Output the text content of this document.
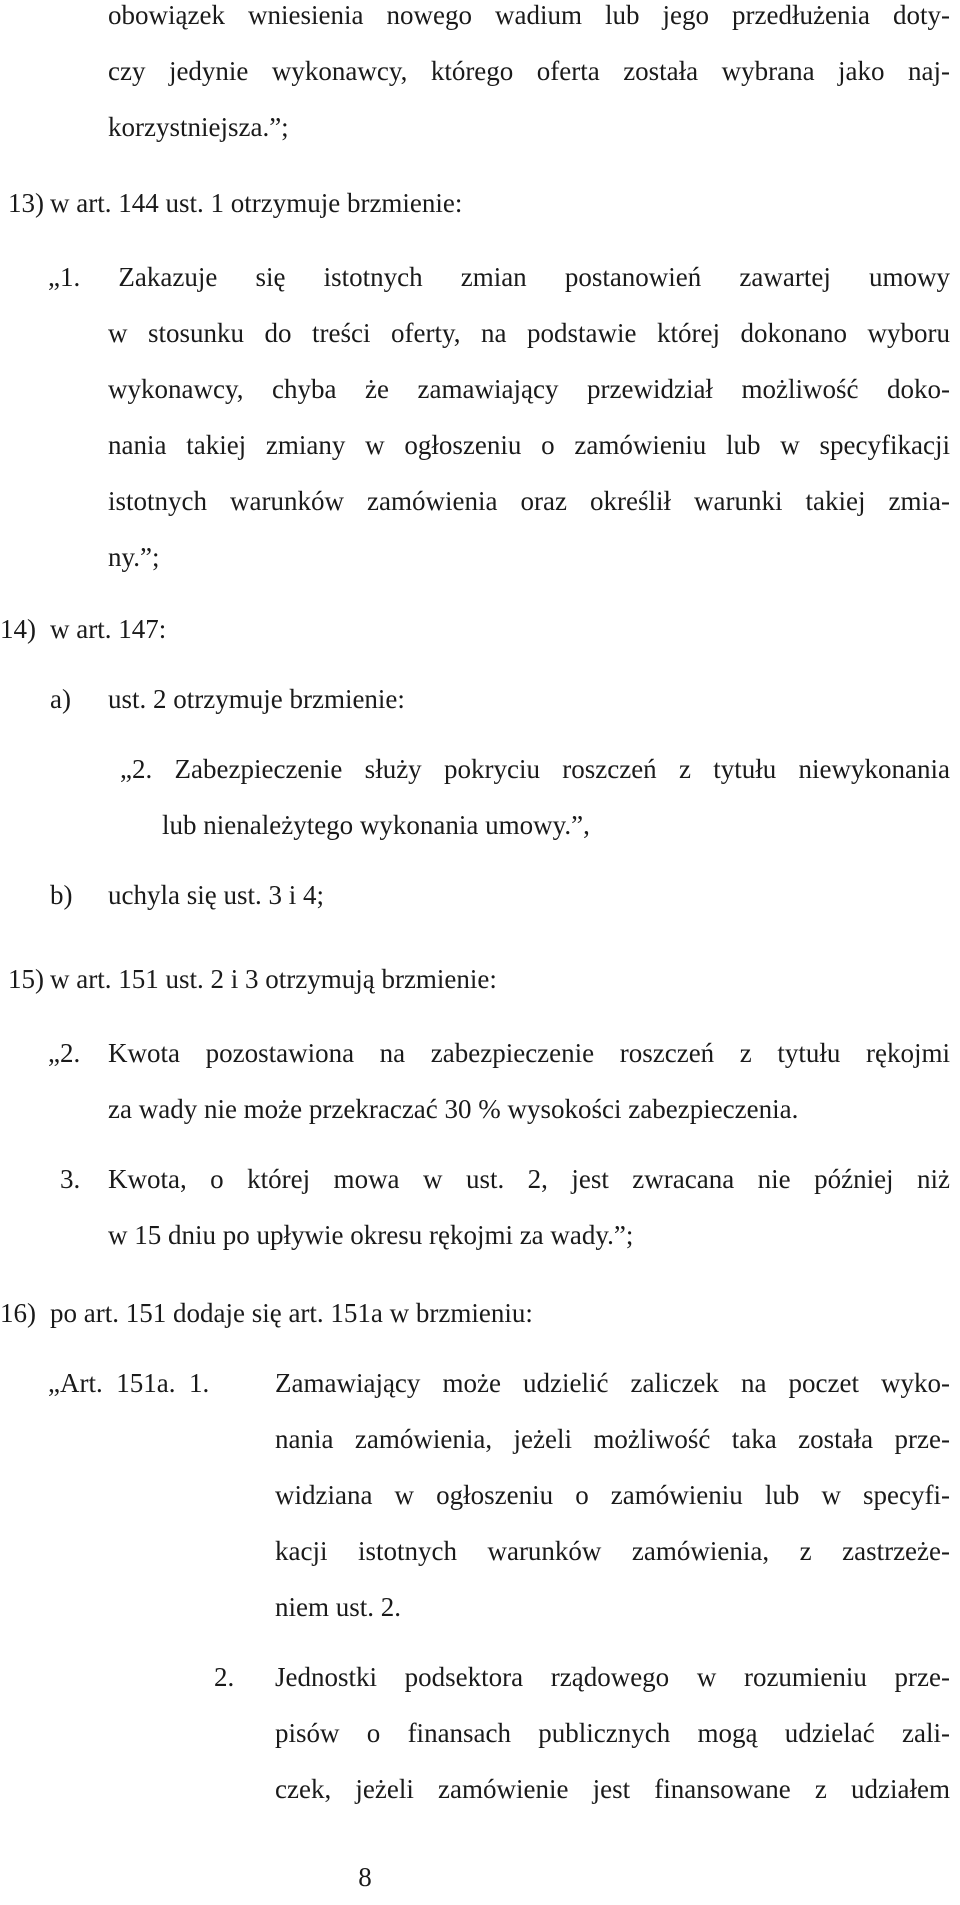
obowiązek wniesienia nowego wadium lub jego przedłużenia doty-
czy jedynie wykonawcy, którego oferta została wybrana jako naj-
korzystniejsza.”;
13) w art. 144 ust. 1 otrzymuje brzmienie:
„1. Zakazuje się istotnych zmian postanowień zawartej umowy
w stosunku do treści oferty, na podstawie której dokonano wyboru
wykonawcy, chyba że zamawiający przewidział możliwość doko-
nania takiej zmiany w ogłoszeniu o zamówieniu lub w specyfikacji
istotnych warunków zamówienia oraz określił warunki takiej zmia-
ny.”;
14) w art. 147:
a) ust. 2 otrzymuje brzmienie:
„2. Zabezpieczenie służy pokryciu roszczeń z tytułu niewykonania
lub nienależytego wykonania umowy.”,
b) uchyla się ust. 3 i 4;
15) w art. 151 ust. 2 i 3 otrzymują brzmienie:
„2. Kwota pozostawiona na zabezpieczenie roszczeń z tytułu rękojmi
za wady nie może przekraczać 30 % wysokości zabezpieczenia.
3. Kwota, o której mowa w ust. 2, jest zwracana nie później niż
w 15 dniu po upływie okresu rękojmi za wady.”;
16) po art. 151 dodaje się art. 151a w brzmieniu:
„Art.  151a.  1. Zamawiający może udzielić zaliczek na poczet wyko-
nania zamówienia, jeżeli możliwość taka została prze-
widziana w ogłoszeniu o zamówieniu lub w specyfi-
kacji istotnych warunków zamówienia, z zastrzeże-
niem ust. 2.
2. Jednostki podsektora rządowego w rozumieniu prze-
pisów o finansach publicznych mogą udzielać zali-
czek, jeżeli zamówienie jest finansowane z udziałem
8
